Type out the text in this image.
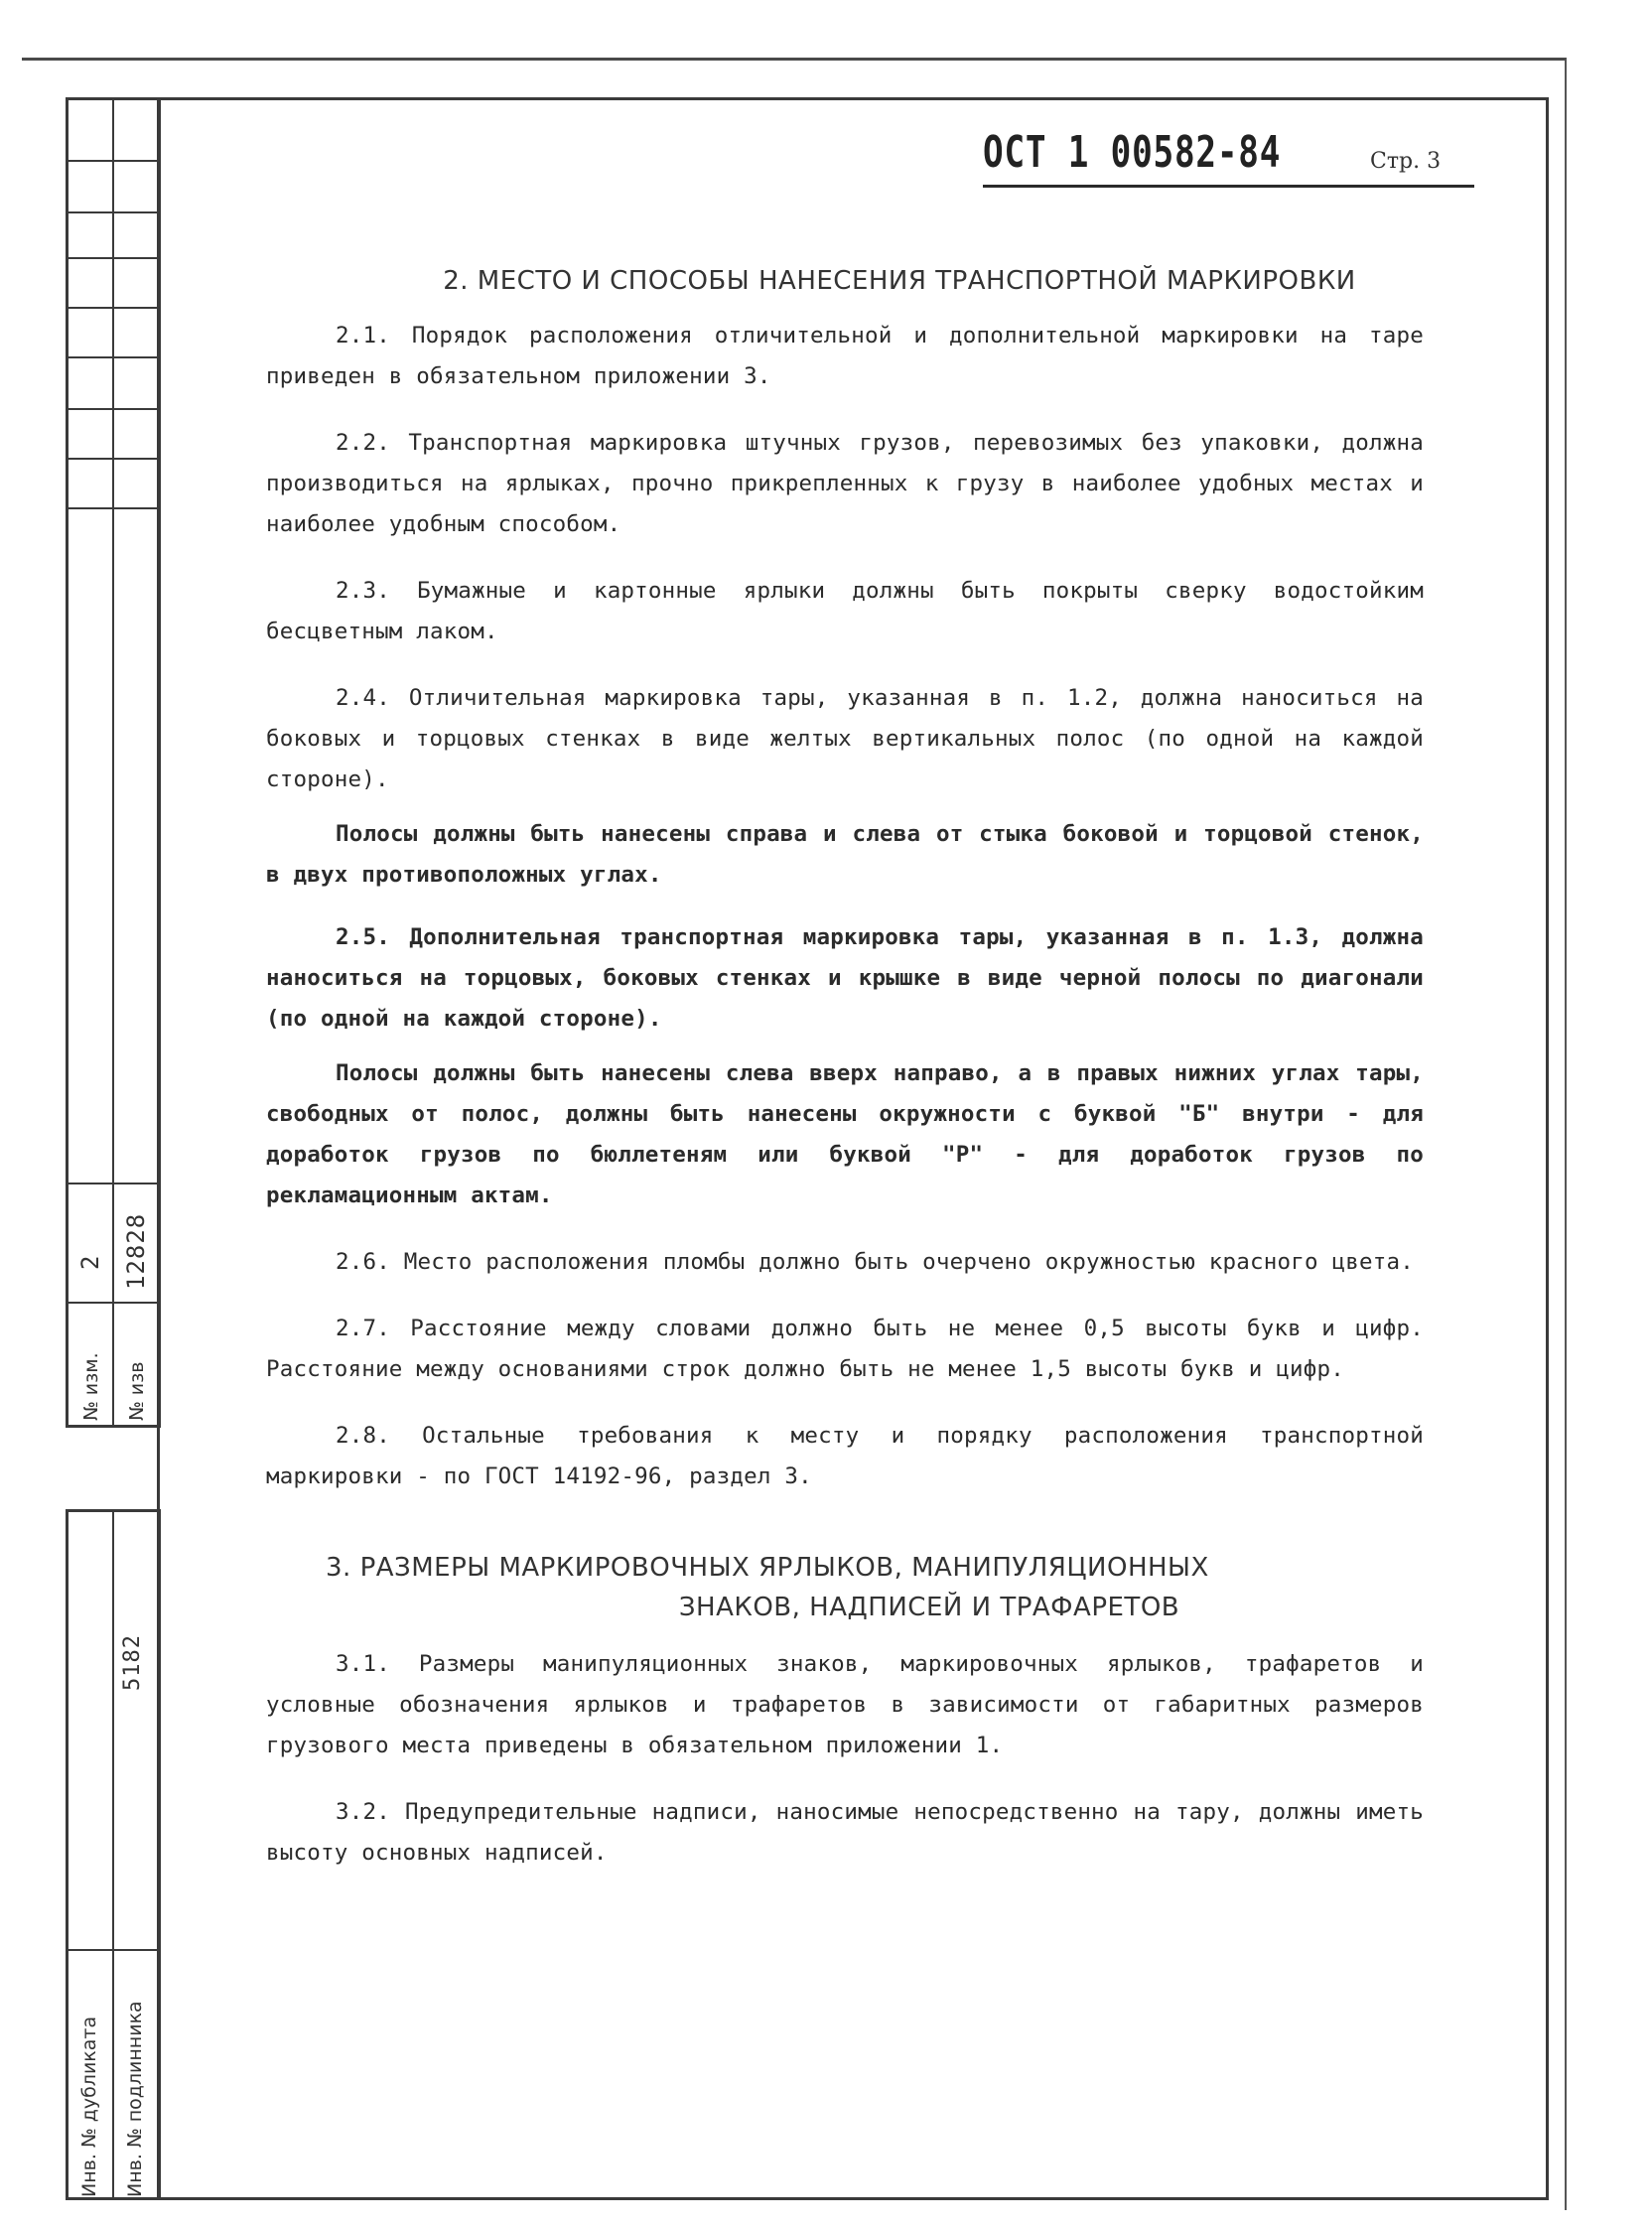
№ изм.
2
№ изв
12828
5182
Инв. № дубликата Инв. № подлинника
ОСТ 1 00582-84	Стр. 3
2. МЕСТО И СПОСОБЫ НАНЕСЕНИЯ ТРАНСПОРТНОЙ МАРКИРОВКИ

2.1. Порядок расположения отличительной и дополнительной маркировки на таре приведен в обязательном приложении 3.

2.2. Транспортная маркировка штучных грузов, перевозимых без упаковки, должна производиться на ярлыках, прочно прикрепленных к грузу в наиболее удобных местах и наиболее удобным способом.

2.3. Бумажные и картонные ярлыки должны быть покрыты сверку водостойким бесцветным лаком.

2.4. Отличительная маркировка тары, указанная в п. 1.2, должна наноситься на боковых и торцовых стенках в виде желтых вертикальных полос (по одной на каждой стороне).

Полосы должны быть нанесены справа и слева от стыка боковой и торцовой стенок, в двух противоположных углах.

2.5. Дополнительная транспортная маркировка тары, указанная в п. 1.3, должна наноситься на торцовых, боковых стенках и крышке в виде черной полосы по диагонали (по одной на каждой стороне).

Полосы должны быть нанесены слева вверх направо, а в правых нижних углах тары, свободных от полос, должны быть нанесены окружности с буквой "Б" внутри - для доработок грузов по бюллетеням или буквой "Р" - для доработок грузов по рекламационным актам.

2.6. Место расположения пломбы должно быть очерчено окружностью красного цвета.

2.7. Расстояние между словами должно быть не менее 0,5 высоты букв и цифр. Расстояние между основаниями строк должно быть не менее 1,5 высоты букв и цифр.

2.8. Остальные требования к месту и порядку расположения транспортной маркировки - по ГОСТ 14192-96, раздел 3.

3. РАЗМЕРЫ МАРКИРОВОЧНЫХ ЯРЛЫКОВ, МАНИПУЛЯЦИОННЫХ
ЗНАКОВ, НАДПИСЕЙ И ТРАФАРЕТОВ

3.1. Размеры манипуляционных знаков, маркировочных ярлыков, трафаретов и условные обозначения ярлыков и трафаретов в зависимости от габаритных размеров грузового места приведены в обязательном приложении 1.

3.2. Предупредительные надписи, наносимые непосредственно на тару, должны иметь высоту основных надписей.
